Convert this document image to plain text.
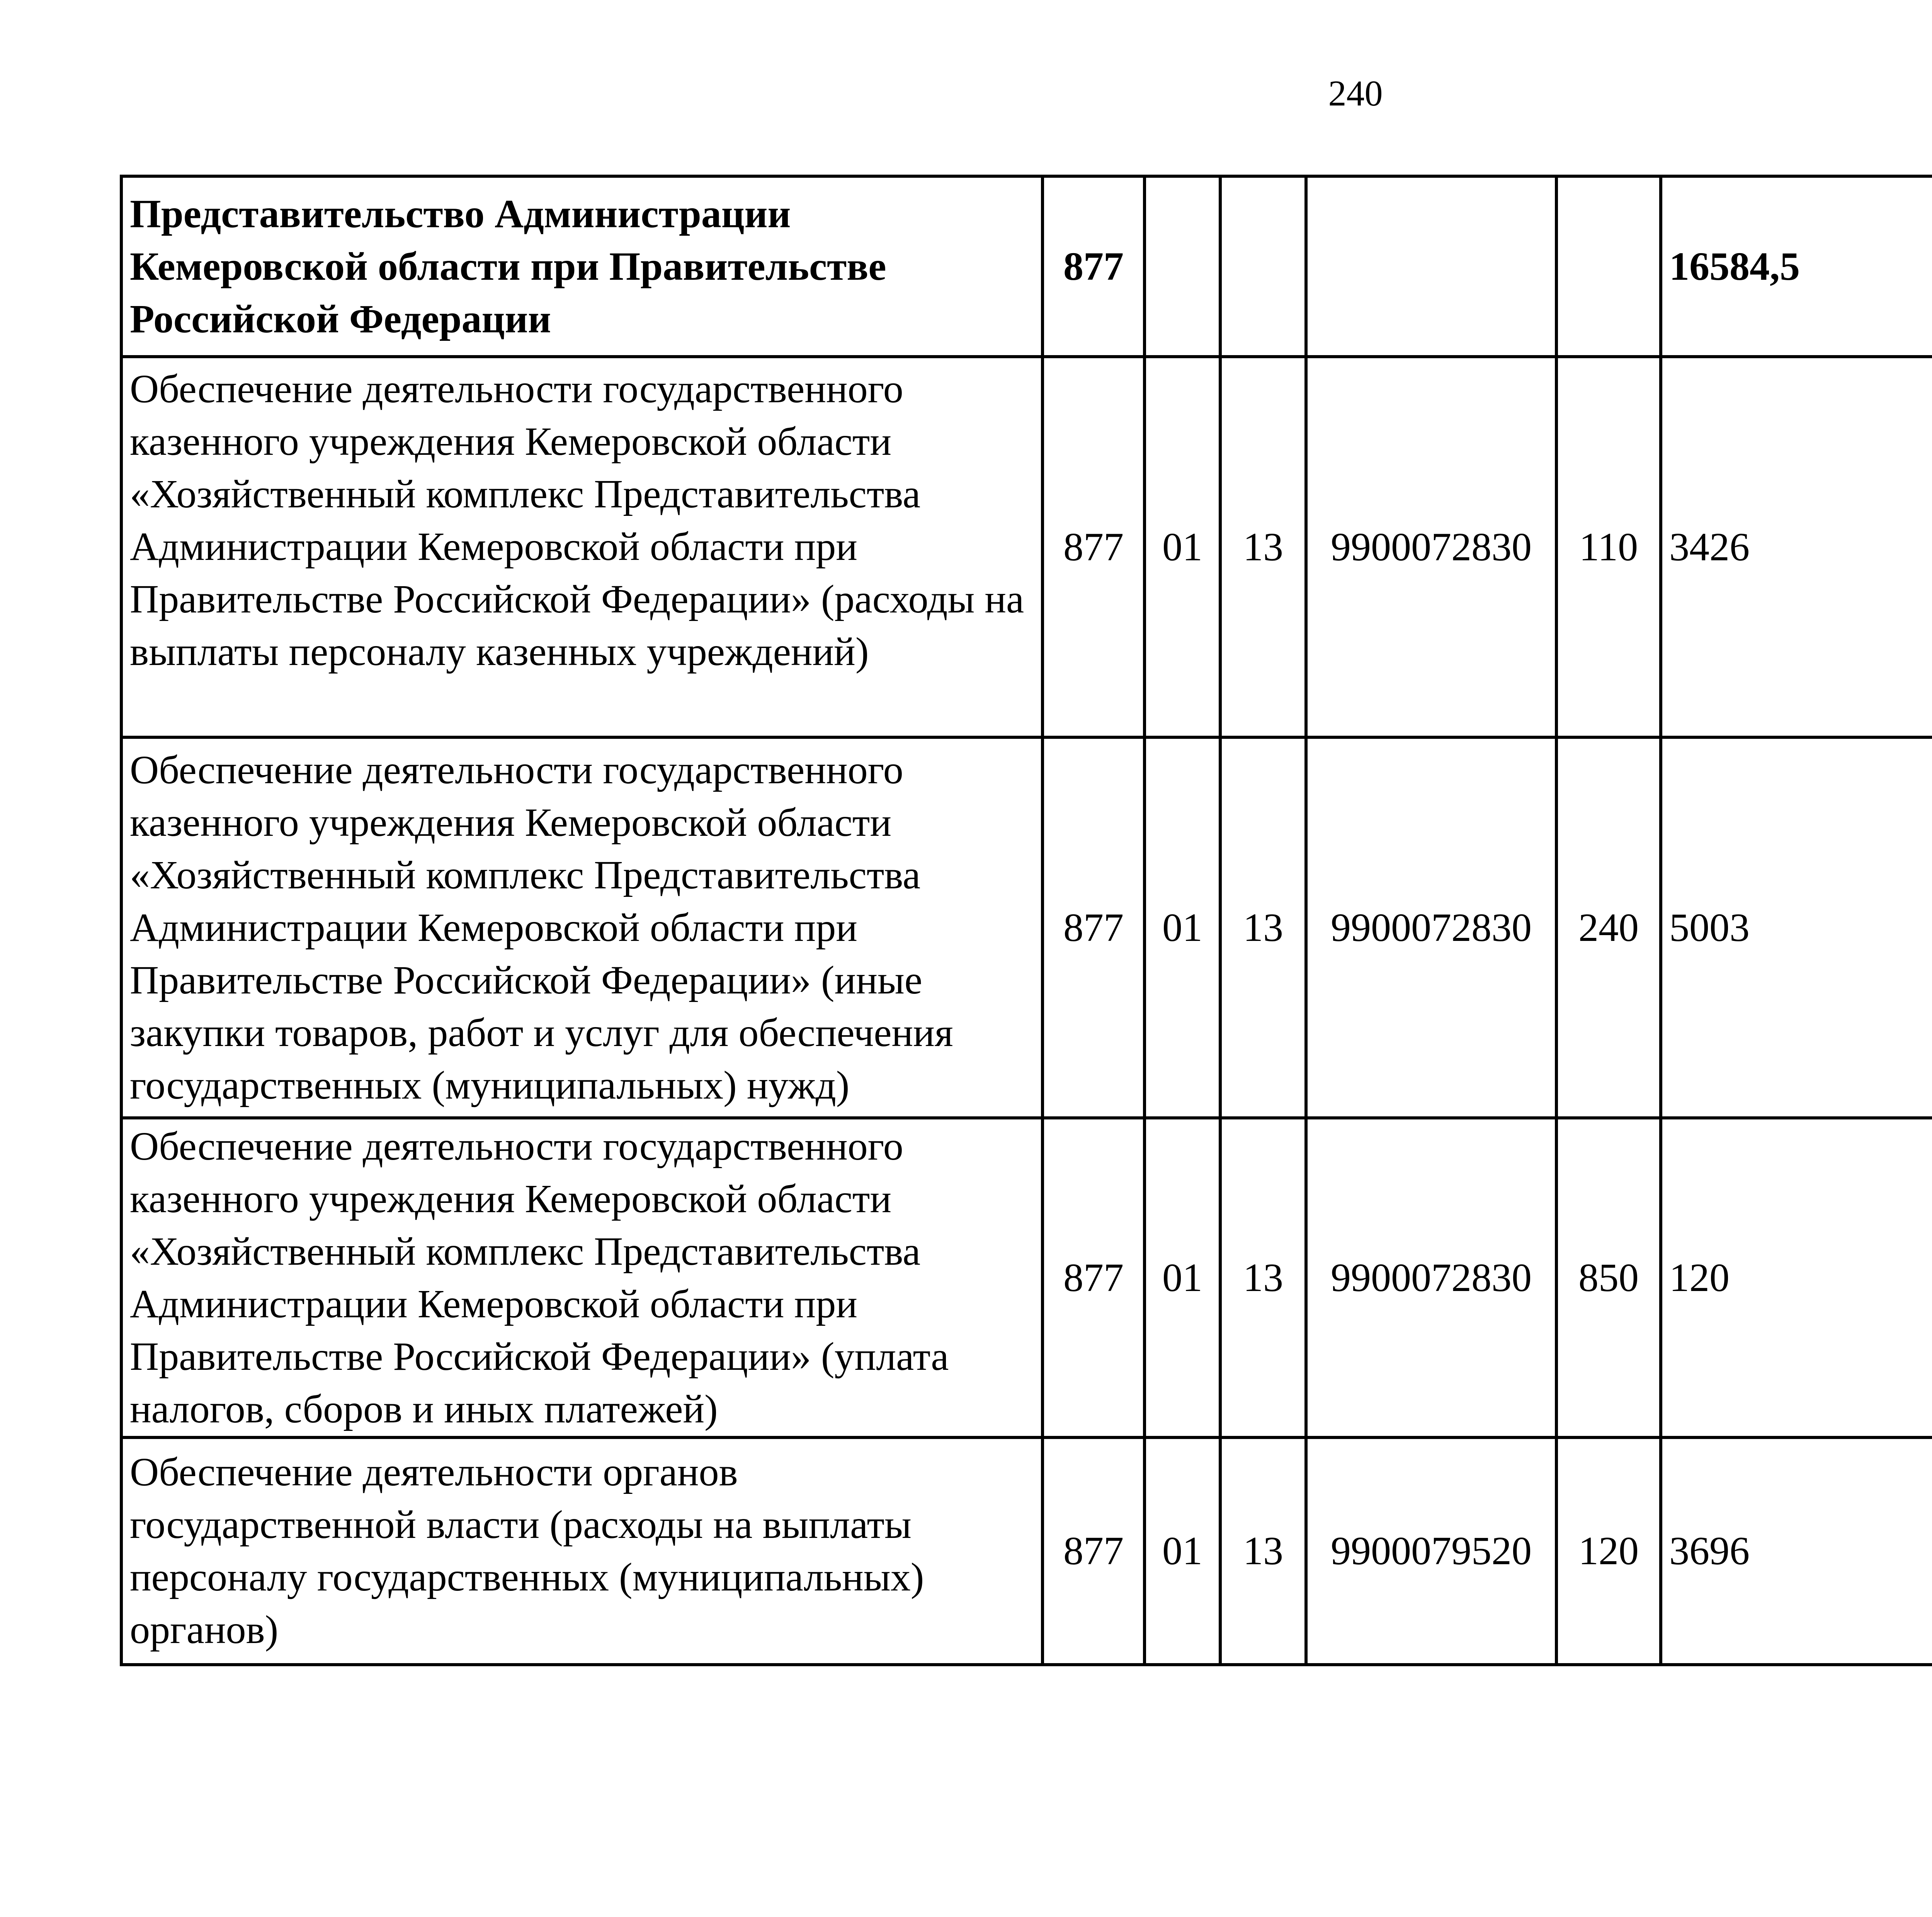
240
Представительство Администрации Кемеровской области при Правительстве Российской Федерации	877					16584,5		

Обеспечение деятельности государственного казенного учреждения Кемеровской области «Хозяйственный комплекс Представительства Администрации Кемеровской области при Правительстве Российской Федерации» (расходы на выплаты персоналу казенных учреждений)	877	01	13	9900072830	110	3426		

Обеспечение деятельности государственного казенного учреждения Кемеровской области «Хозяйственный комплекс Представительства Администрации Кемеровской области при Правительстве Российской Федерации» (иные закупки товаров, работ и услуг для обеспечения государственных (муниципальных) нужд)	877	01	13	9900072830	240	5003		

Обеспечение деятельности государственного казенного учреждения Кемеровской области «Хозяйственный комплекс Представительства Администрации Кемеровской области при Правительстве Российской Федерации» (уплата налогов, сборов и иных платежей)	877	01	13	9900072830	850	120		

Обеспечение деятельности органов государственной власти (расходы на выплаты персоналу государственных (муниципальных) органов)	877	01	13	9900079520	120	3696		
